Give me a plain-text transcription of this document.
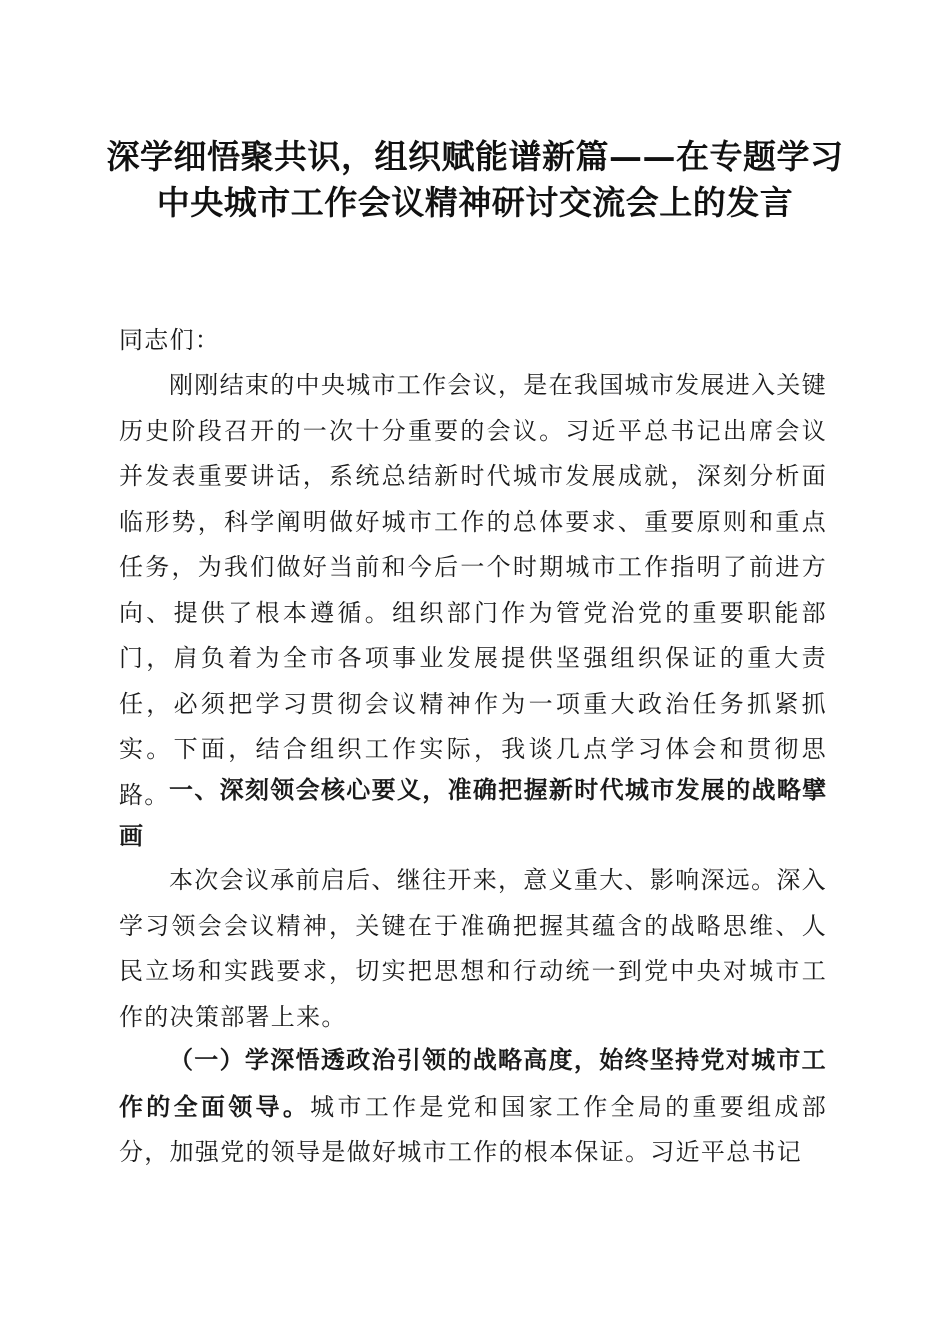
深学细悟聚共识，组织赋能谱新篇——在专题学习中央城市工作会议精神研讨交流会上的发言
同志们：
刚刚结束的中央城市工作会议，是在我国城市发展进入关键历史阶段召开的一次十分重要的会议。习近平总书记出席会议并发表重要讲话，系统总结新时代城市发展成就，深刻分析面临形势，科学阐明做好城市工作的总体要求、重要原则和重点任务，为我们做好当前和今后一个时期城市工作指明了前进方向、提供了根本遵循。组织部门作为管党治党的重要职能部门，肩负着为全市各项事业发展提供坚强组织保证的重大责任，必须把学习贯彻会议精神作为一项重大政治任务抓紧抓实。下面，结合组织工作实际，我谈几点学习体会和贯彻思路。 一、深刻领会核心要义，准确把握新时代城市发展的战略擘画
本次会议承前启后、继往开来，意义重大、影响深远。深入学习领会会议精神，关键在于准确把握其蕴含的战略思维、人民立场和实践要求，切实把思想和行动统一到党中央对城市工作的决策部署上来。
（一）学深悟透政治引领的战略高度，始终坚持党对城市工作的全面领导。城市工作是党和国家工作全局的重要组成部分，加强党的领导是做好城市工作的根本保证。习近平总书记
